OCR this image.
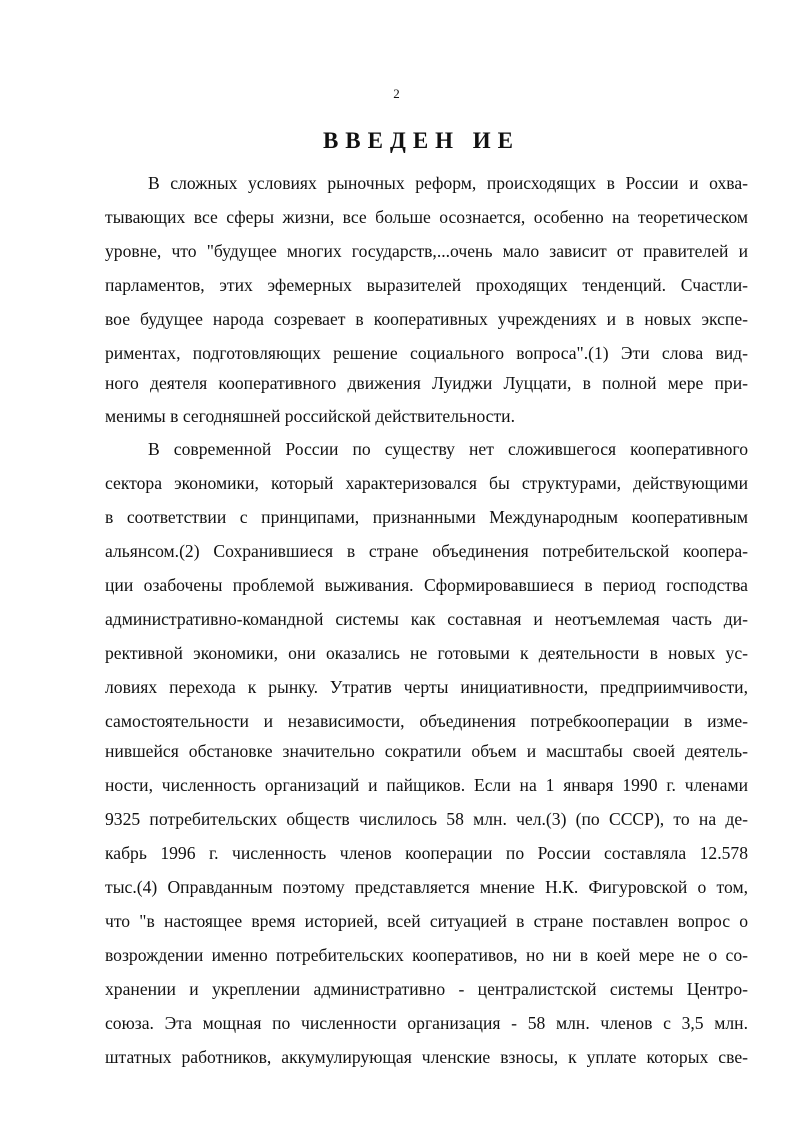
2
ВВЕДЕН ИЕ
В сложных условиях рыночных реформ, происходящих в России и охва-
тывающих все сферы жизни, все больше осознается, особенно на теоретическом
уровне, что "будущее многих государств,...очень мало зависит от правителей и
парламентов, этих эфемерных выразителей проходящих тенденций. Счастли-
вое будущее народа созревает в кооперативных учреждениях и в новых экспе-
риментах, подготовляющих решение социального вопроса".(1) Эти слова вид-
ного деятеля кооперативного движения Луиджи Луццати, в полной мере при-
менимы в сегодняшней российской действительности.
В современной России по существу нет сложившегося кооперативного
сектора экономики, который характеризовался бы структурами, действующими
в соответствии с принципами, признанными Международным кооперативным
альянсом.(2) Сохранившиеся в стране объединения потребительской коопера-
ции озабочены проблемой выживания. Сформировавшиеся в период господства
административно-командной системы как составная и неотъемлемая часть ди-
рективной экономики, они оказались не готовыми к деятельности в новых ус-
ловиях перехода к рынку. Утратив черты инициативности, предприимчивости,
самостоятельности и независимости, объединения потребкооперации в изме-
нившейся обстановке значительно сократили объем и масштабы своей деятель-
ности, численность организаций и пайщиков. Если на 1 января 1990 г. членами
9325 потребительских обществ числилось 58 млн. чел.(3) (по СССР), то на де-
кабрь 1996 г. численность членов кооперации по России составляла 12.578
тыс.(4) Оправданным поэтому представляется мнение Н.К. Фигуровской о том,
что "в настоящее время историей, всей ситуацией в стране поставлен вопрос о
возрождении именно потребительских кооперативов, но ни в коей мере не о со-
хранении и укреплении административно - централистской системы Центро-
союза. Эта мощная по численности организация - 58 млн. членов с 3,5 млн.
штатных работников, аккумулирующая членские взносы, к уплате которых све-
